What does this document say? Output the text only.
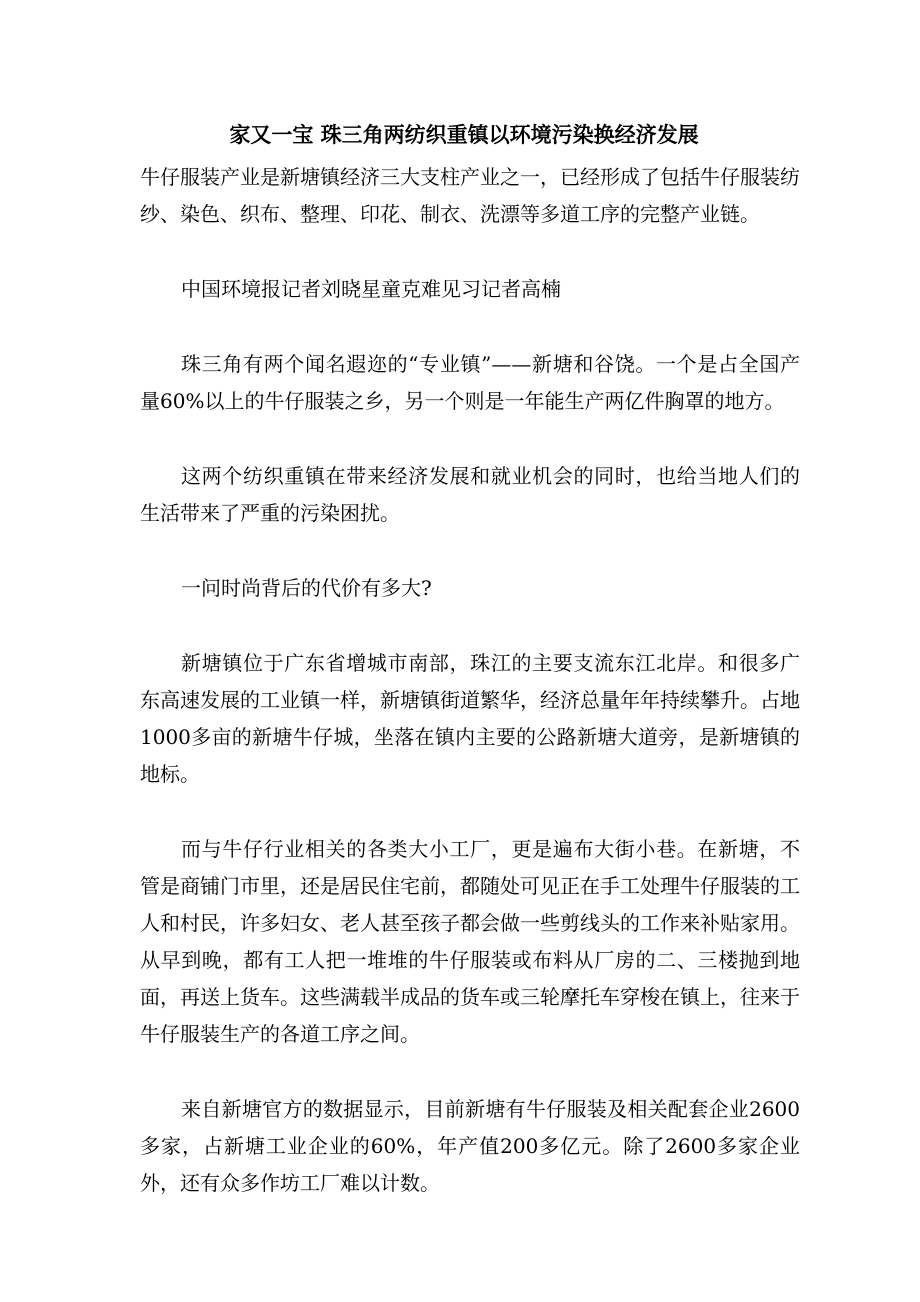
家又一宝 珠三角两纺织重镇以环境污染换经济发展

牛仔服装产业是新塘镇经济三大支柱产业之一，已经形成了包括牛仔服装纺纱、染色、织布、整理、印花、制衣、洗漂等多道工序的完整产业链。

中国环境报记者刘晓星童克难见习记者高楠

珠三角有两个闻名遐迩的“专业镇”——新塘和谷饶。一个是占全国产量60%以上的牛仔服装之乡，另一个则是一年能生产两亿件胸罩的地方。

这两个纺织重镇在带来经济发展和就业机会的同时，也给当地人们的生活带来了严重的污染困扰。

一问时尚背后的代价有多大?

新塘镇位于广东省增城市南部，珠江的主要支流东江北岸。和很多广东高速发展的工业镇一样，新塘镇街道繁华，经济总量年年持续攀升。占地1000多亩的新塘牛仔城，坐落在镇内主要的公路新塘大道旁，是新塘镇的地标。

而与牛仔行业相关的各类大小工厂，更是遍布大街小巷。在新塘，不管是商铺门市里，还是居民住宅前，都随处可见正在手工处理牛仔服装的工人和村民，许多妇女、老人甚至孩子都会做一些剪线头的工作来补贴家用。从早到晚，都有工人把一堆堆的牛仔服装或布料从厂房的二、三楼抛到地面，再送上货车。这些满载半成品的货车或三轮摩托车穿梭在镇上，往来于牛仔服装生产的各道工序之间。

来自新塘官方的数据显示，目前新塘有牛仔服装及相关配套企业2600多家，占新塘工业企业的60%，年产值200多亿元。除了2600多家企业外，还有众多作坊工厂难以计数。
